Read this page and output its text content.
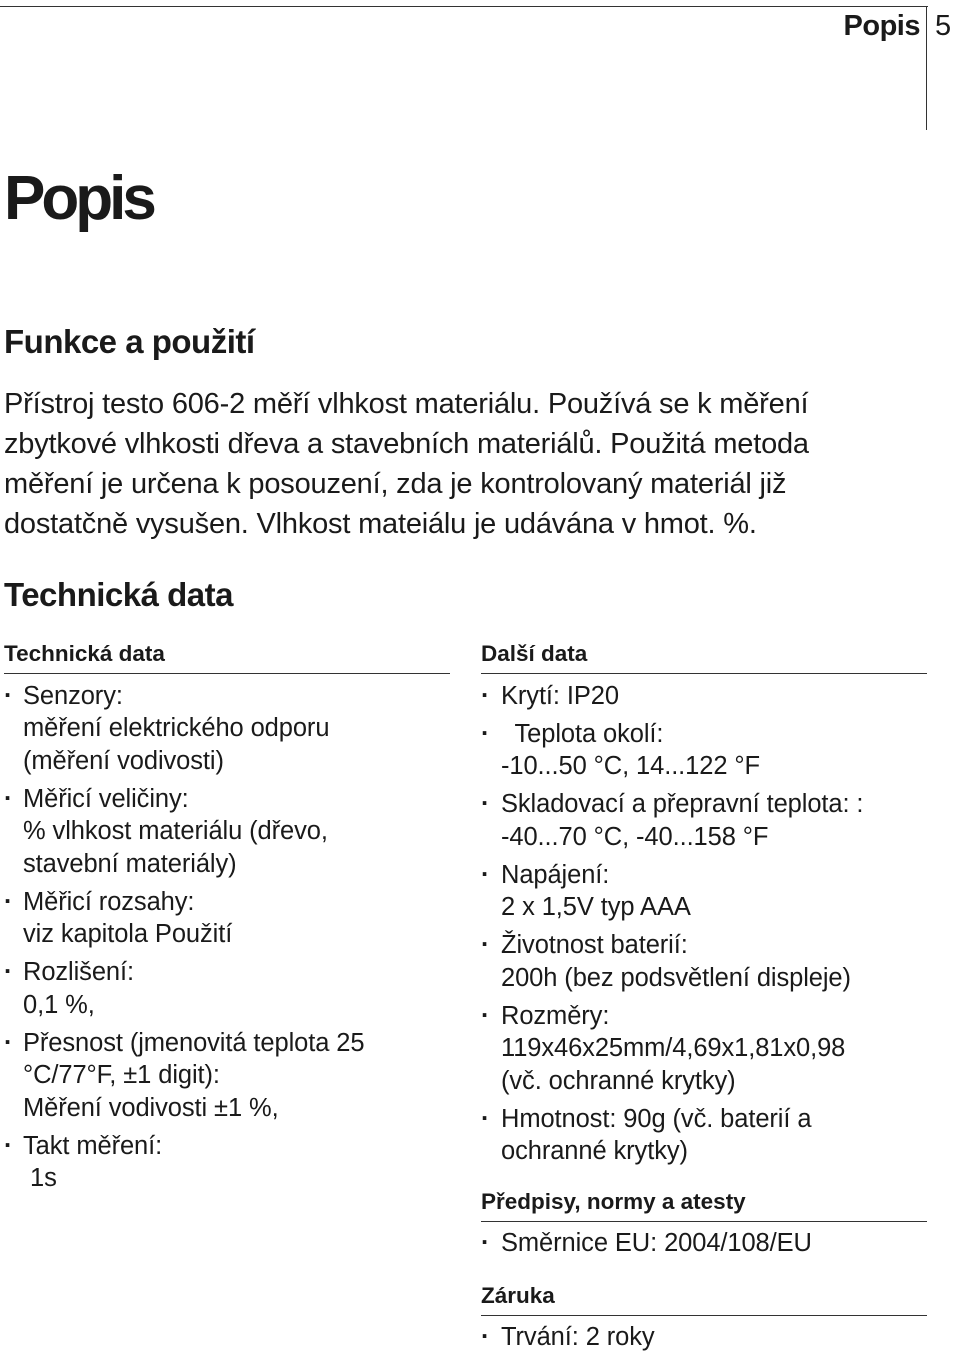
Popis 5
Popis
Funkce a použití

Přístroj testo 606-2 měří vlhkost materiálu. Používá se k měření
zbytkové vlhkosti dřeva a stavebních materiálů. Použitá metoda
měření je určena k posouzení, zda je kontrolovaný materiál již
dostatčně vysušen. Vlhkost mateiálu je udávána v hmot. %.

Technická data
Technická data
· Senzory:
měření elektrického odporu
(měření vodivosti)
· Měřicí veličiny:
% vlhkost materiálu (dřevo,
stavební materiály)
· Měřicí rozsahy:
viz kapitola Použití
· Rozlišení:
0,1 %,
· Přesnost (jmenovitá teplota 25
°C/77°F, ±1 digit):
Měření vodivosti ±1 %,
· Takt měření:
1s
Další data
· Krytí: IP20
·   Teplota okolí:
-10...50 °C, 14...122 °F
· Skladovací a přepravní teplota: :
-40...70 °C, -40...158 °F
· Napájení:
2 x 1,5V typ AAA
· Životnost baterií:
200h (bez podsvětlení displeje)
· Rozměry:
119x46x25mm/4,69x1,81x0,98
(vč. ochranné krytky)
· Hmotnost: 90g (vč. baterií a
ochranné krytky)
Předpisy, normy a atesty
· Směrnice EU: 2004/108/EU
Záruka
· Trvání: 2 roky
